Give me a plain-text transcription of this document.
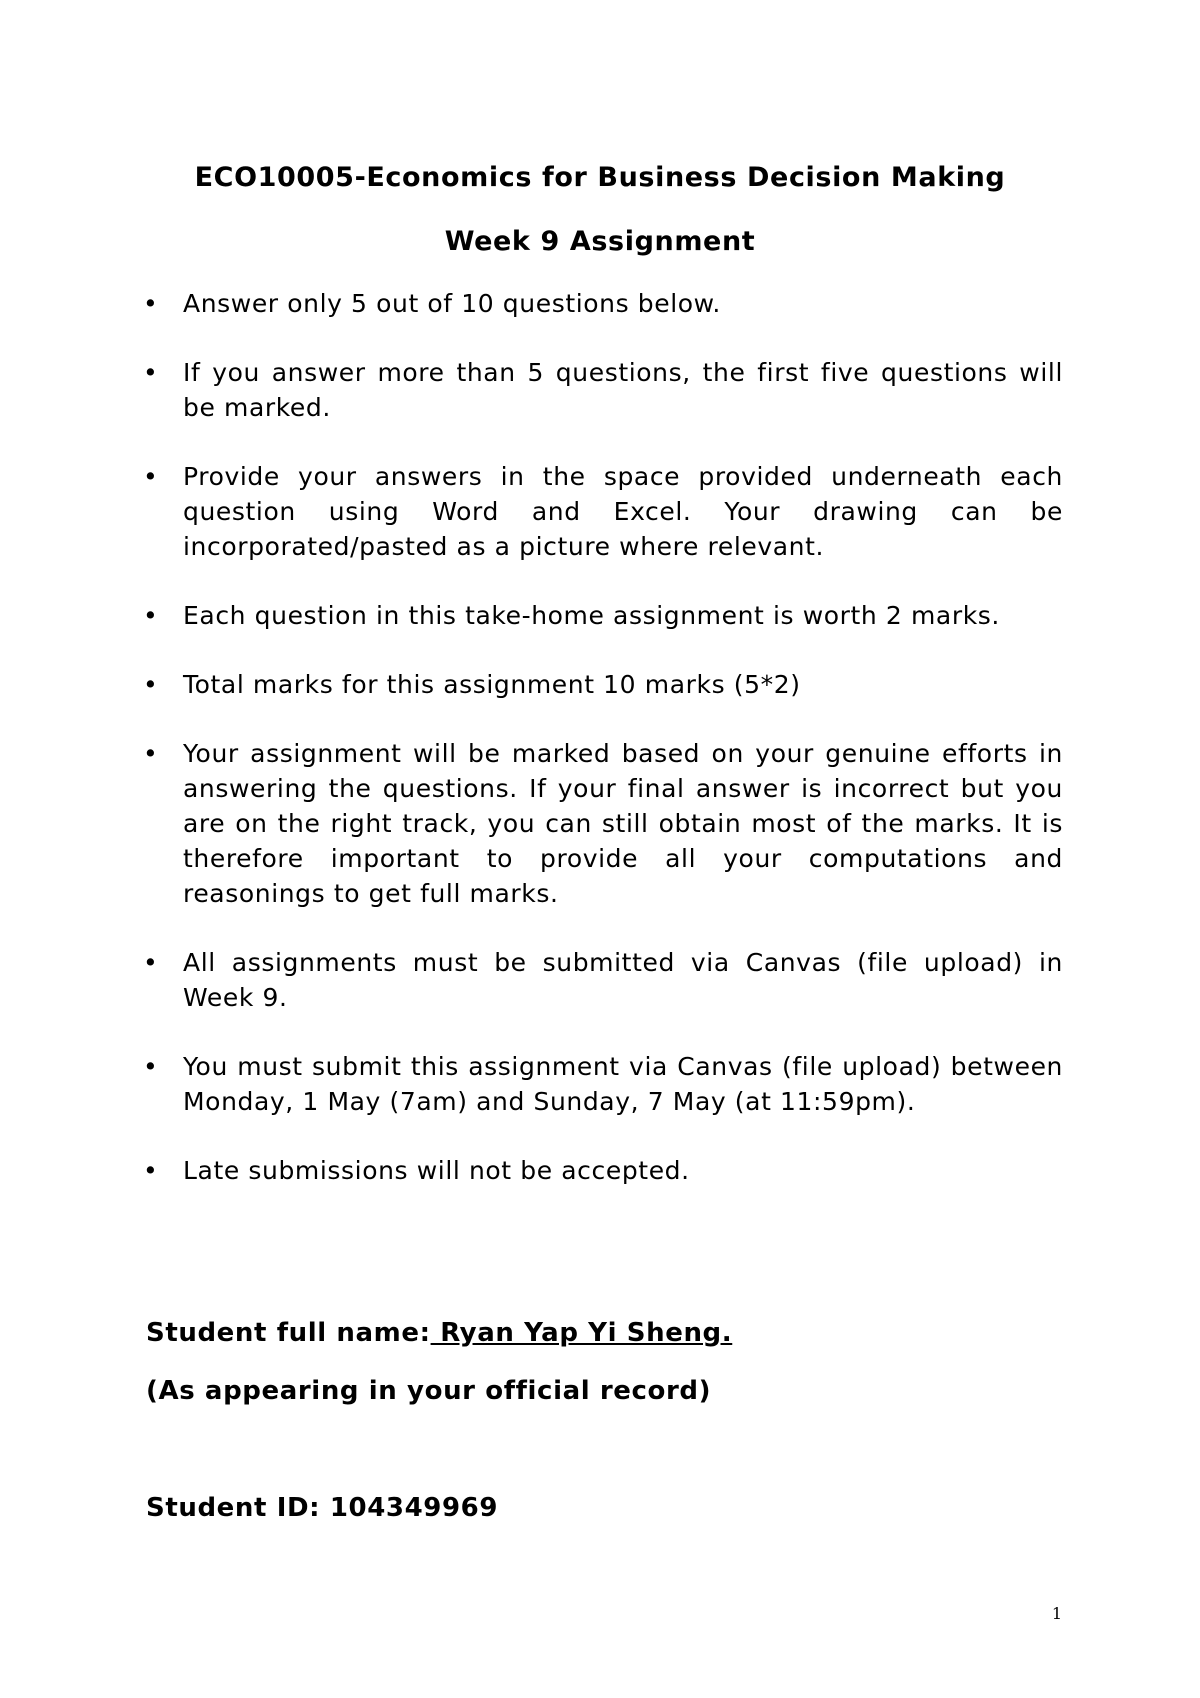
ECO10005-Economics for Business Decision Making
Week 9 Assignment
• Answer only 5 out of 10 questions below.
• If you answer more than 5 questions, the first five questions will be marked.
• Provide your answers in the space provided underneath each question using Word and Excel. Your drawing can be incorporated/pasted as a picture where relevant.
• Each question in this take-home assignment is worth 2 marks.
• Total marks for this assignment 10 marks (5*2)
• Your assignment will be marked based on your genuine efforts in answering the questions. If your final answer is incorrect but you are on the right track, you can still obtain most of the marks. It is therefore important to provide all your computations and reasonings to get full marks.
• All assignments must be submitted via Canvas (file upload) in Week 9.
• You must submit this assignment via Canvas (file upload) between Monday, 1 May (7am) and Sunday, 7 May (at 11:59pm).
• Late submissions will not be accepted.

Student full name: Ryan Yap Yi Sheng.

(As appearing in your official record)

Student ID: 104349969

1
